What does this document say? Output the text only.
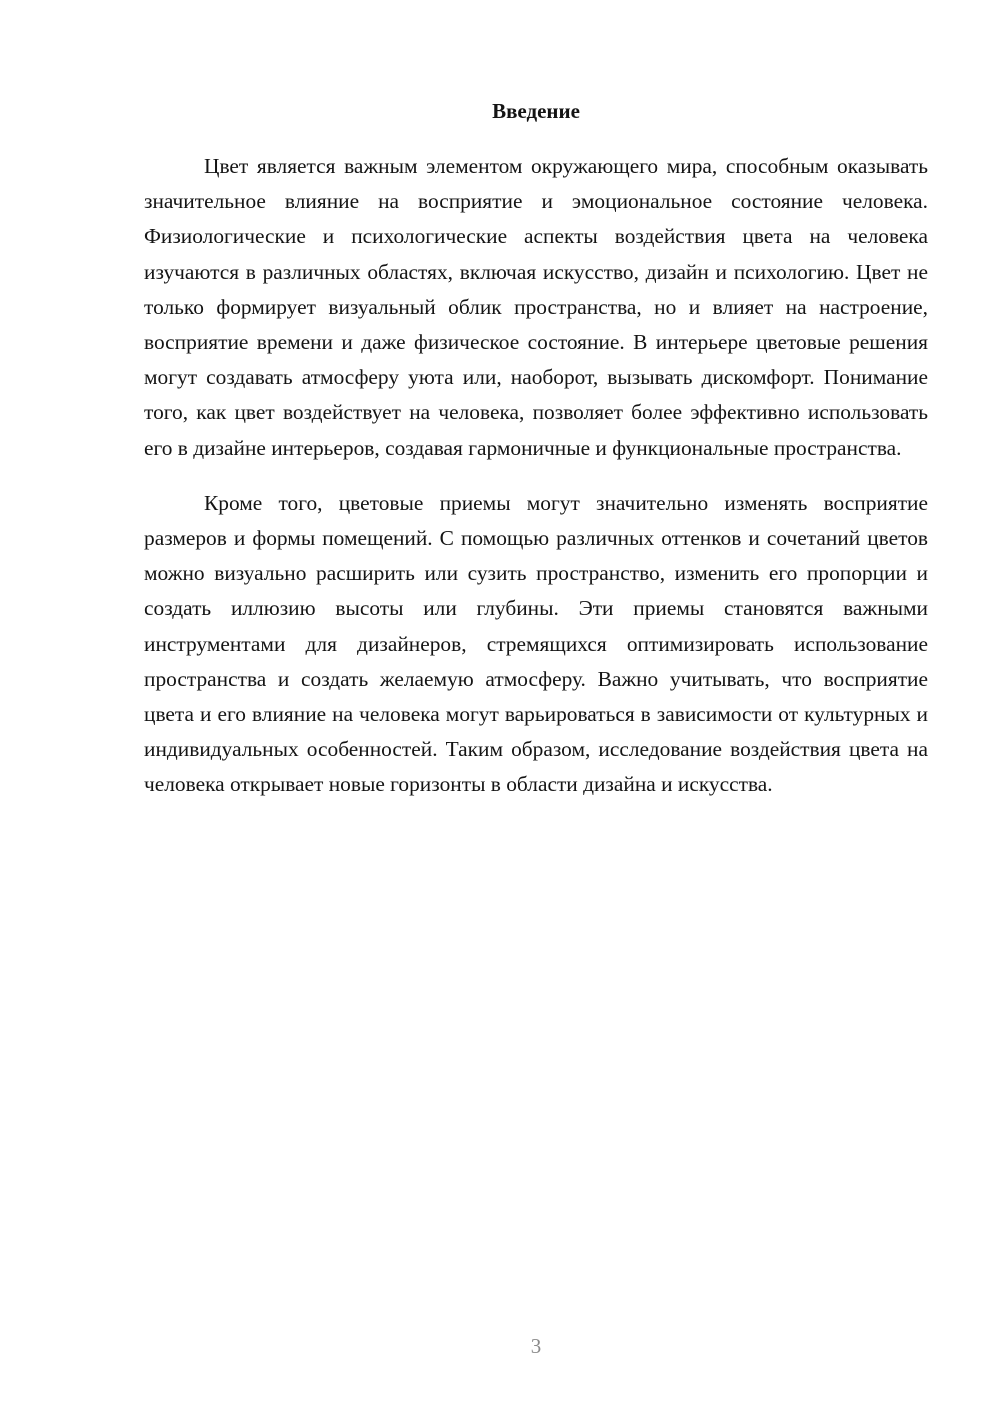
Введение

Цвет является важным элементом окружающего мира, способным оказывать значительное влияние на восприятие и эмоциональное состояние человека. Физиологические и психологические аспекты воздействия цвета на человека изучаются в различных областях, включая искусство, дизайн и психологию. Цвет не только формирует визуальный облик пространства, но и влияет на настроение, восприятие времени и даже физическое состояние. В интерьере цветовые решения могут создавать атмосферу уюта или, наоборот, вызывать дискомфорт. Понимание того, как цвет воздействует на человека, позволяет более эффективно использовать его в дизайне интерьеров, создавая гармоничные и функциональные пространства.

Кроме того, цветовые приемы могут значительно изменять восприятие размеров и формы помещений. С помощью различных оттенков и сочетаний цветов можно визуально расширить или сузить пространство, изменить его пропорции и создать иллюзию высоты или глубины. Эти приемы становятся важными инструментами для дизайнеров, стремящихся оптимизировать использование пространства и создать желаемую атмосферу. Важно учитывать, что восприятие цвета и его влияние на человека могут варьироваться в зависимости от культурных и индивидуальных особенностей. Таким образом, исследование воздействия цвета на человека открывает новые горизонты в области дизайна и искусства.

3
